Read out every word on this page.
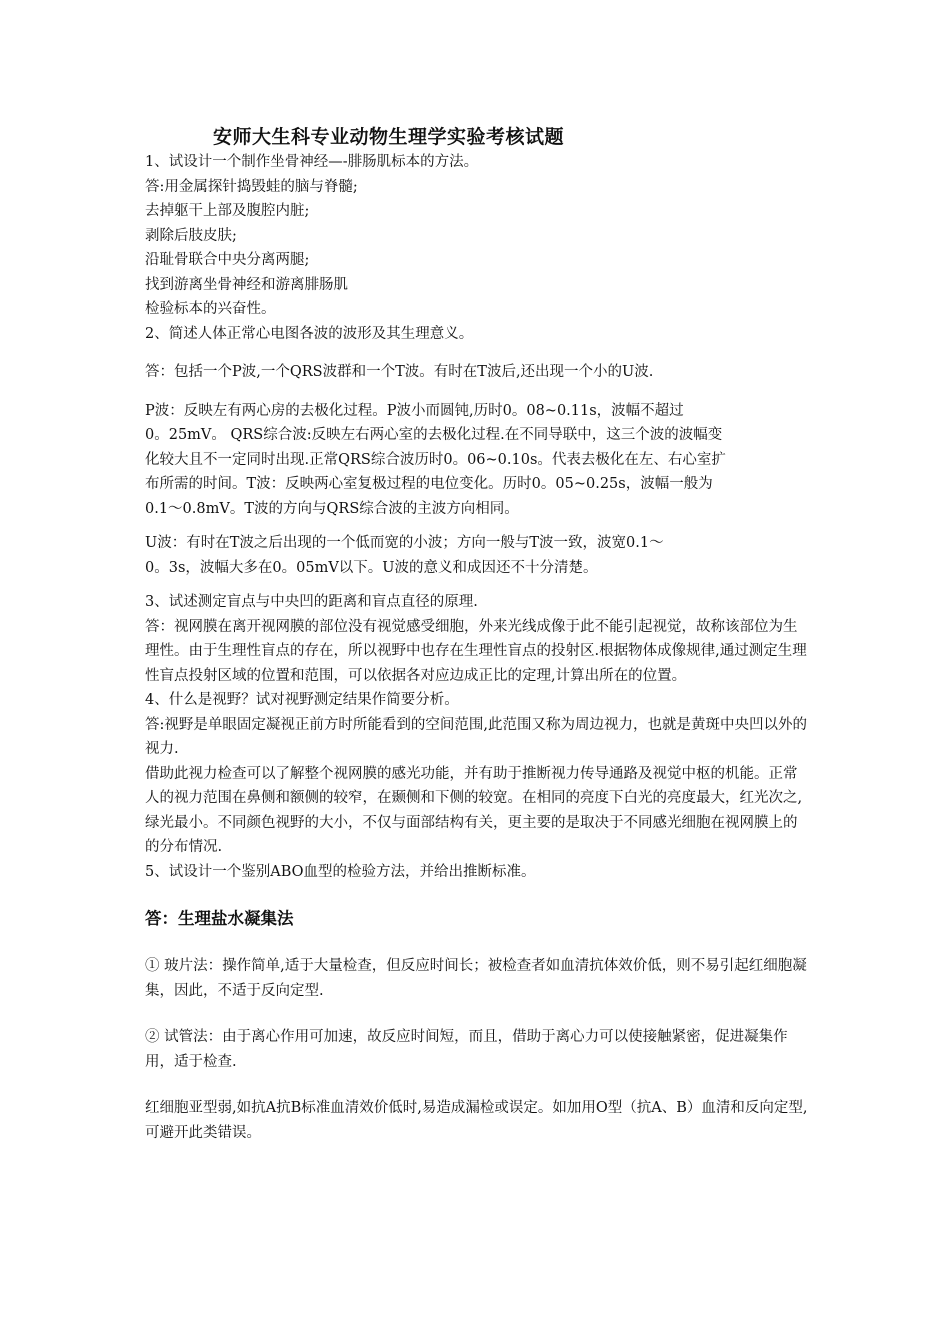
安师大生科专业动物生理学实验考核试题
1、试设计一个制作坐骨神经—-腓肠肌标本的方法。
答:用金属探针捣毁蛙的脑与脊髓;
去掉躯干上部及腹腔内脏;
剥除后肢皮肤;
沿耻骨联合中央分离两腿;
找到游离坐骨神经和游离腓肠肌
检验标本的兴奋性。
2、简述人体正常心电图各波的波形及其生理意义。
答：包括一个P波,一个QRS波群和一个T波。有时在T波后,还出现一个小的U波.
P波：反映左有两心房的去极化过程。P波小而圆钝,历时0。08~0.11s，波幅不超过
0。25mV。 QRS综合波:反映左右两心室的去极化过程.在不同导联中，这三个波的波幅变
化较大且不一定同时出现.正常QRS综合波历时0。06~0.10s。代表去极化在左、右心室扩
布所需的时间。T波：反映两心室复极过程的电位变化。历时0。05~0.25s，波幅一般为
0.1～0.8mV。T波的方向与QRS综合波的主波方向相同。
U波：有时在T波之后出现的一个低而宽的小波；方向一般与T波一致，波宽0.1～
0。3s，波幅大多在0。05mV以下。U波的意义和成因还不十分清楚。
3、试述测定盲点与中央凹的距离和盲点直径的原理.
答：视网膜在离开视网膜的部位没有视觉感受细胞，外来光线成像于此不能引起视觉，故称该部位为生理性。由于生理性盲点的存在，所以视野中也存在生理性盲点的投射区.根据物体成像规律,通过测定生理性盲点投射区域的位置和范围，可以依据各对应边成正比的定理,计算出所在的位置。
4、什么是视野？试对视野测定结果作简要分析。
答:视野是单眼固定凝视正前方时所能看到的空间范围,此范围又称为周边视力，也就是黄斑中央凹以外的视力.
借助此视力检查可以了解整个视网膜的感光功能，并有助于推断视力传导通路及视觉中枢的机能。正常人的视力范围在鼻侧和额侧的较窄，在颞侧和下侧的较宽。在相同的亮度下白光的亮度最大，红光次之,绿光最小。不同颜色视野的大小，不仅与面部结构有关，更主要的是取决于不同感光细胞在视网膜上的的分布情况.
5、试设计一个鉴别ABO血型的检验方法，并给出推断标准。
答：生理盐水凝集法
① 玻片法：操作简单,适于大量检查，但反应时间长；被检查者如血清抗体效价低，则不易引起红细胞凝集，因此，不适于反向定型.
② 试管法：由于离心作用可加速，故反应时间短，而且，借助于离心力可以使接触紧密，促进凝集作用，适于检查.
红细胞亚型弱,如抗A抗B标准血清效价低时,易造成漏检或误定。如加用O型（抗A、B）血清和反向定型,可避开此类错误。
